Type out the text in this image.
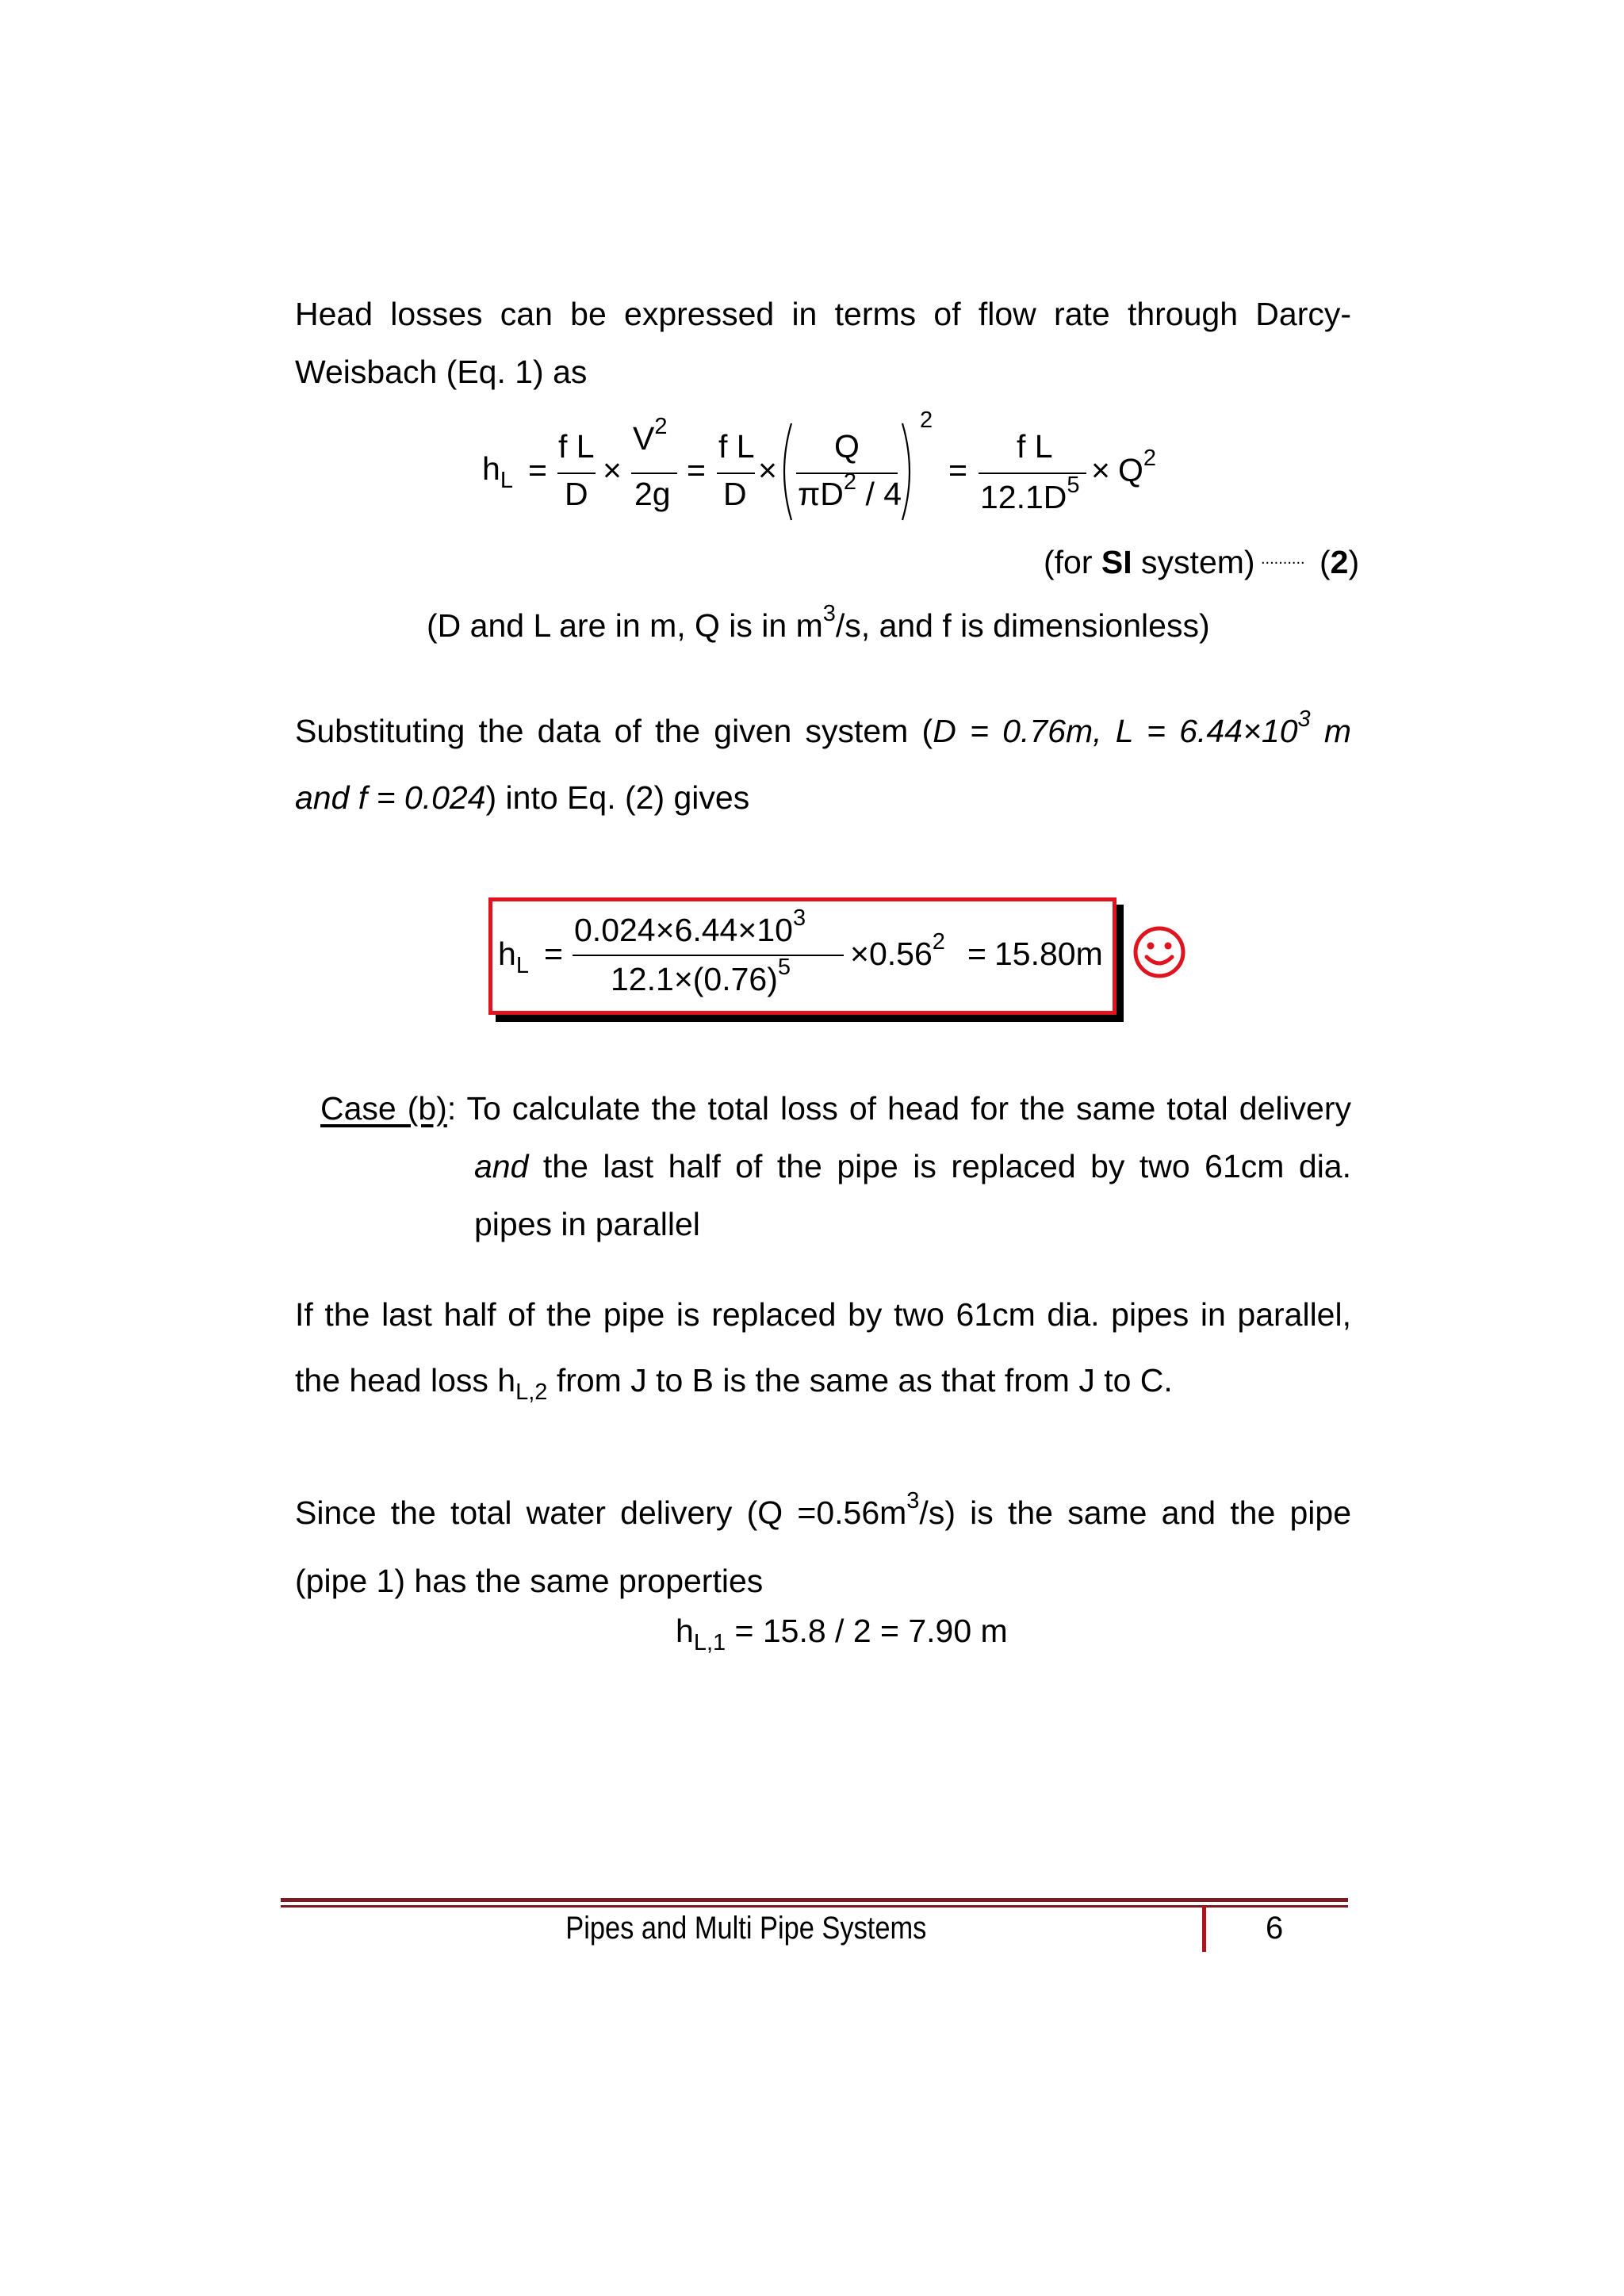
Head losses can be expressed in terms of flow rate through Darcy-
Weisbach (Eq. 1) as
$h_L$ =
f L
D
×
$V^2$
2g
=
f L
D
×
Q
$\pi D^2 / 4$
2
=
f L
$12.1D^5 \times Q^2$
(for SI system) .......... (2)
(D and L are in m, Q is in $m^3/s$, and f is dimensionless)
Substituting the data of the given system (D = 0.76m, $L = 6.44\times 10^3$ m
and f = 0.024) into Eq. (2) gives
$h_L$ =
$0.024\times 6.44\times 10^3$
$12.1\times(0.76)^5 \times 0.56^2 = 15.80m$
Case (b): To calculate the total loss of head for the same total delivery
and the last half of the pipe is replaced by two 61cm dia.
pipes in parallel
If the last half of the pipe is replaced by two 61cm dia. pipes in parallel,
the head loss $h_{L,2}$ from J to B is the same as that from J to C.
Since the total water delivery $(Q =0.56m^3/s)$ is the same and the pipe
(pipe 1) has the same properties
$h_{L,1} = 15.8 / 2 = 7.90$ m
Pipes and Multi Pipe Systems	6
